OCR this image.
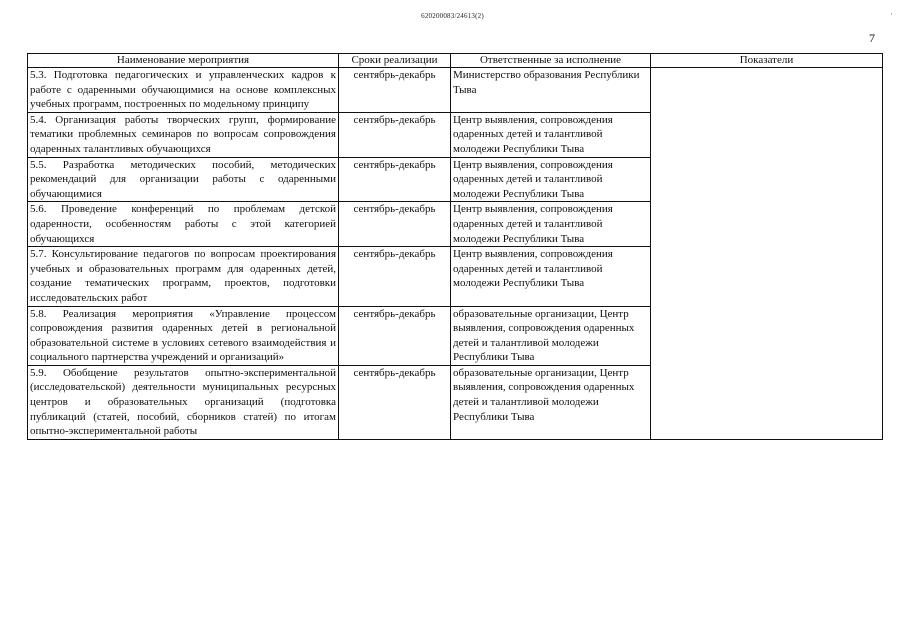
620200083/24613(2)	·
7
Наименование мероприятия	Сроки реализации	Ответственные за исполнение	Показатели
5.3. Подготовка педагогических и управленческих кадров к работе с одаренными обучающимися на основе комплексных учебных программ, построенных по модельному принципу	сентябрь-декабрь	Министерство образования Республики Тыва	
5.4. Организация работы творческих групп, формирование тематики проблемных семинаров по вопросам сопровождения одаренных талантливых обучающихся	сентябрь-декабрь	Центр выявления, сопровождения одаренных детей и талантливой молодежи Республики Тыва	
5.5. Разработка методических пособий, методических рекомендаций для организации работы с одаренными обучающимися	сентябрь-декабрь	Центр выявления, сопровождения одаренных детей и талантливой молодежи Республики Тыва	
5.6. Проведение конференций по проблемам детской одаренности, особенностям работы с этой категорией обучающихся	сентябрь-декабрь	Центр выявления, сопровождения одаренных детей и талантливой молодежи Республики Тыва	
5.7. Консультирование педагогов по вопросам проектирования учебных и образовательных программ для одаренных детей, создание тематических программ, проектов, подготовки исследовательских работ	сентябрь-декабрь	Центр выявления, сопровождения одаренных детей и талантливой молодежи Республики Тыва	
5.8. Реализация мероприятия «Управление процессом сопровождения развития одаренных детей в региональной образовательной системе в условиях сетевого взаимодействия и социального партнерства учреждений и организаций»	сентябрь-декабрь	образовательные организации, Центр выявления, сопровождения одаренных детей и талантливой молодежи Республики Тыва	
5.9. Обобщение результатов опытно-экспериментальной (исследовательской) деятельности муниципальных ресурсных центров и образовательных организаций (подготовка публикаций (статей, пособий, сборников статей) по итогам опытно-экспериментальной работы	сентябрь-декабрь	образовательные организации, Центр выявления, сопровождения одаренных детей и талантливой молодежи Республики Тыва	
